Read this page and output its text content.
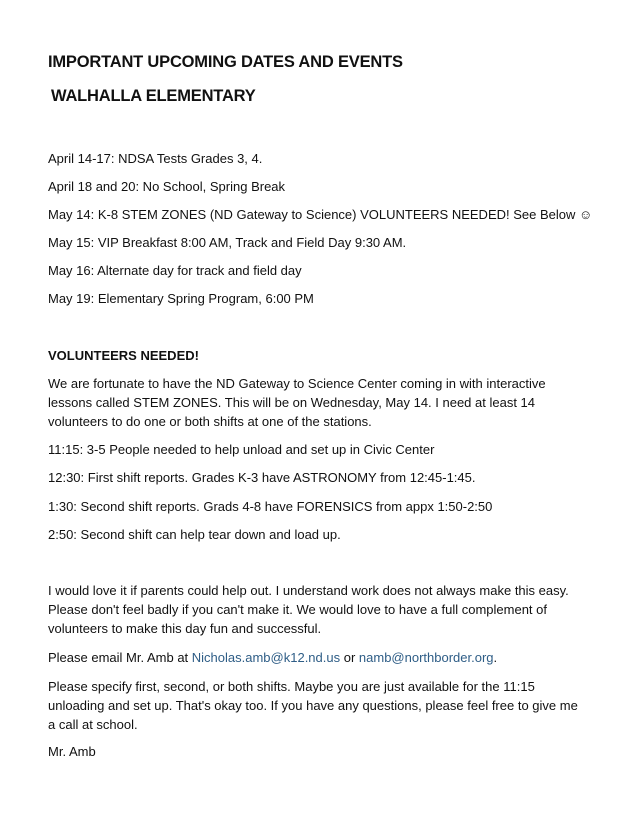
IMPORTANT UPCOMING DATES AND EVENTS
WALHALLA ELEMENTARY

April 14-17: NDSA Tests Grades 3, 4.

April 18 and 20: No School, Spring Break

May 14: K-8 STEM ZONES (ND Gateway to Science) VOLUNTEERS NEEDED! See Below ☺

May 15: VIP Breakfast 8:00 AM, Track and Field Day 9:30 AM.

May 16: Alternate day for track and field day

May 19: Elementary Spring Program, 6:00 PM

VOLUNTEERS NEEDED!

We are fortunate to have the ND Gateway to Science Center coming in with interactive lessons called STEM ZONES. This will be on Wednesday, May 14. I need at least 14 volunteers to do one or both shifts at one of the stations.

11:15: 3-5 People needed to help unload and set up in Civic Center

12:30: First shift reports. Grades K-3 have ASTRONOMY from 12:45-1:45.

1:30: Second shift reports. Grads 4-8 have FORENSICS from appx 1:50-2:50

2:50: Second shift can help tear down and load up.

I would love it if parents could help out. I understand work does not always make this easy. Please don't feel badly if you can't make it. We would love to have a full complement of volunteers to make this day fun and successful.

Please email Mr. Amb at Nicholas.amb@k12.nd.us or namb@northborder.org.

Please specify first, second, or both shifts. Maybe you are just available for the 11:15 unloading and set up. That's okay too. If you have any questions, please feel free to give me a call at school.

Mr. Amb
